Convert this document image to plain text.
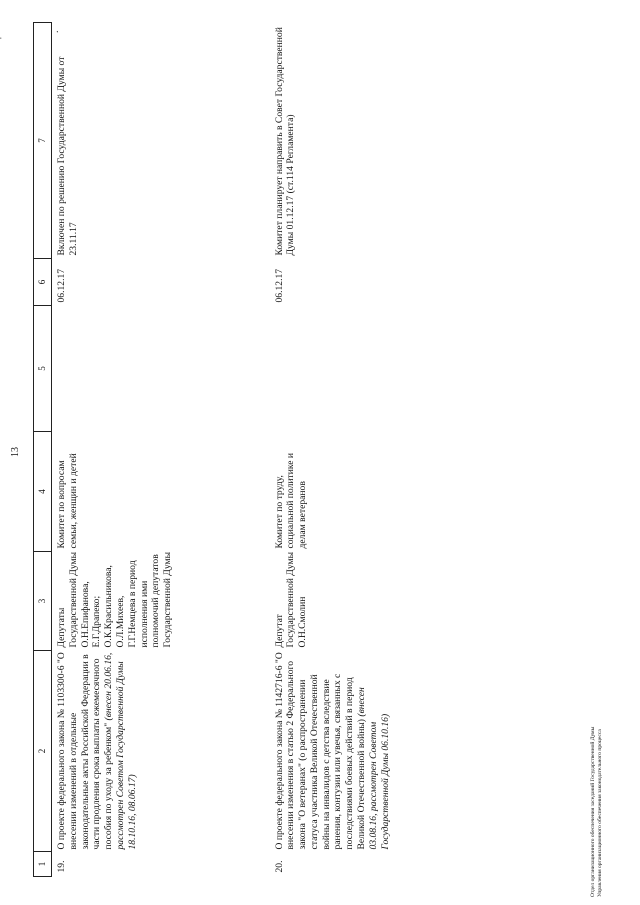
13
.
1	2	3	4	5	6	7
19.	О проекте федерального закона № 1103300-6 "О внесении изменений в отдельные законодательные акты Российской Федерации в части продления срока выплаты ежемесячного пособия по уходу за ребенком" (внесен 20.06.16, рассмотрен Советом Государственной Думы 18.10.16, 08.06.17)	Депутаты Государственной Думы О.Н.Епифанова, Е.Г.Драпеко; О.К.Красильникова, О.Л.Михеев, Г.Г.Немцева в период исполнения ими полномочий депутатов Государственной Думы	Комитет по вопросам семьи, женщин и детей		06.12.17	Включен по решению Государственной Думы от 23.11.17
20.	О проекте федерального закона № 1142716-6 "О внесении изменения в статью 2 Федерального закона "О ветеранах" (о распространении статуса участника Великой Отечественной войны на инвалидов с детства вследствие ранения, контузии или увечья, связанных с последствиями боевых действий в период Великой Отечественной войны) (внесен 03.08.16, рассмотрен Советом Государственной Думы 06.10.16)	Депутат Государственной Думы О.Н.Смолин	Комитет по труду, социальной политике и делам ветеранов		06.12.17	Комитет планирует направить в Совет Государственной Думы 01.12.17 (ст.114 Регламента)
Отдел организационного обеспечения заседаний Государственной Думы Управления организационного обеспечения законодательного процесса
